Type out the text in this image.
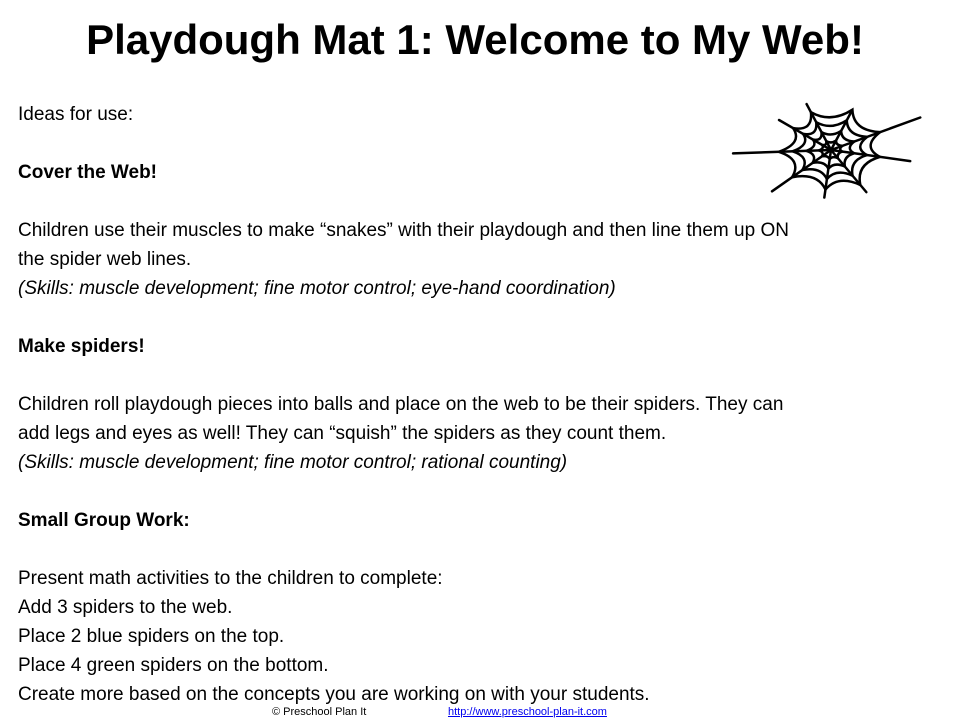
Playdough Mat 1: Welcome to My Web!
Ideas for use:
Cover the Web!
Children use their muscles to make “snakes” with their playdough and then line them up ON
the spider web lines.
(Skills: muscle development; fine motor control; eye-hand coordination)
Make spiders!
Children roll playdough pieces into balls and place on the web to be their spiders. They can
add legs and eyes as well! They can “squish” the spiders as they count them.
(Skills: muscle development; fine motor control; rational counting)
Small Group Work:
Present math activities to the children to complete:
Add 3 spiders to the web.
Place 2 blue spiders on the top.
Place 4 green spiders on the bottom.
Create more based on the concepts you are working on with your students.
© Preschool Plan It	http://www.preschool-plan-it.com
